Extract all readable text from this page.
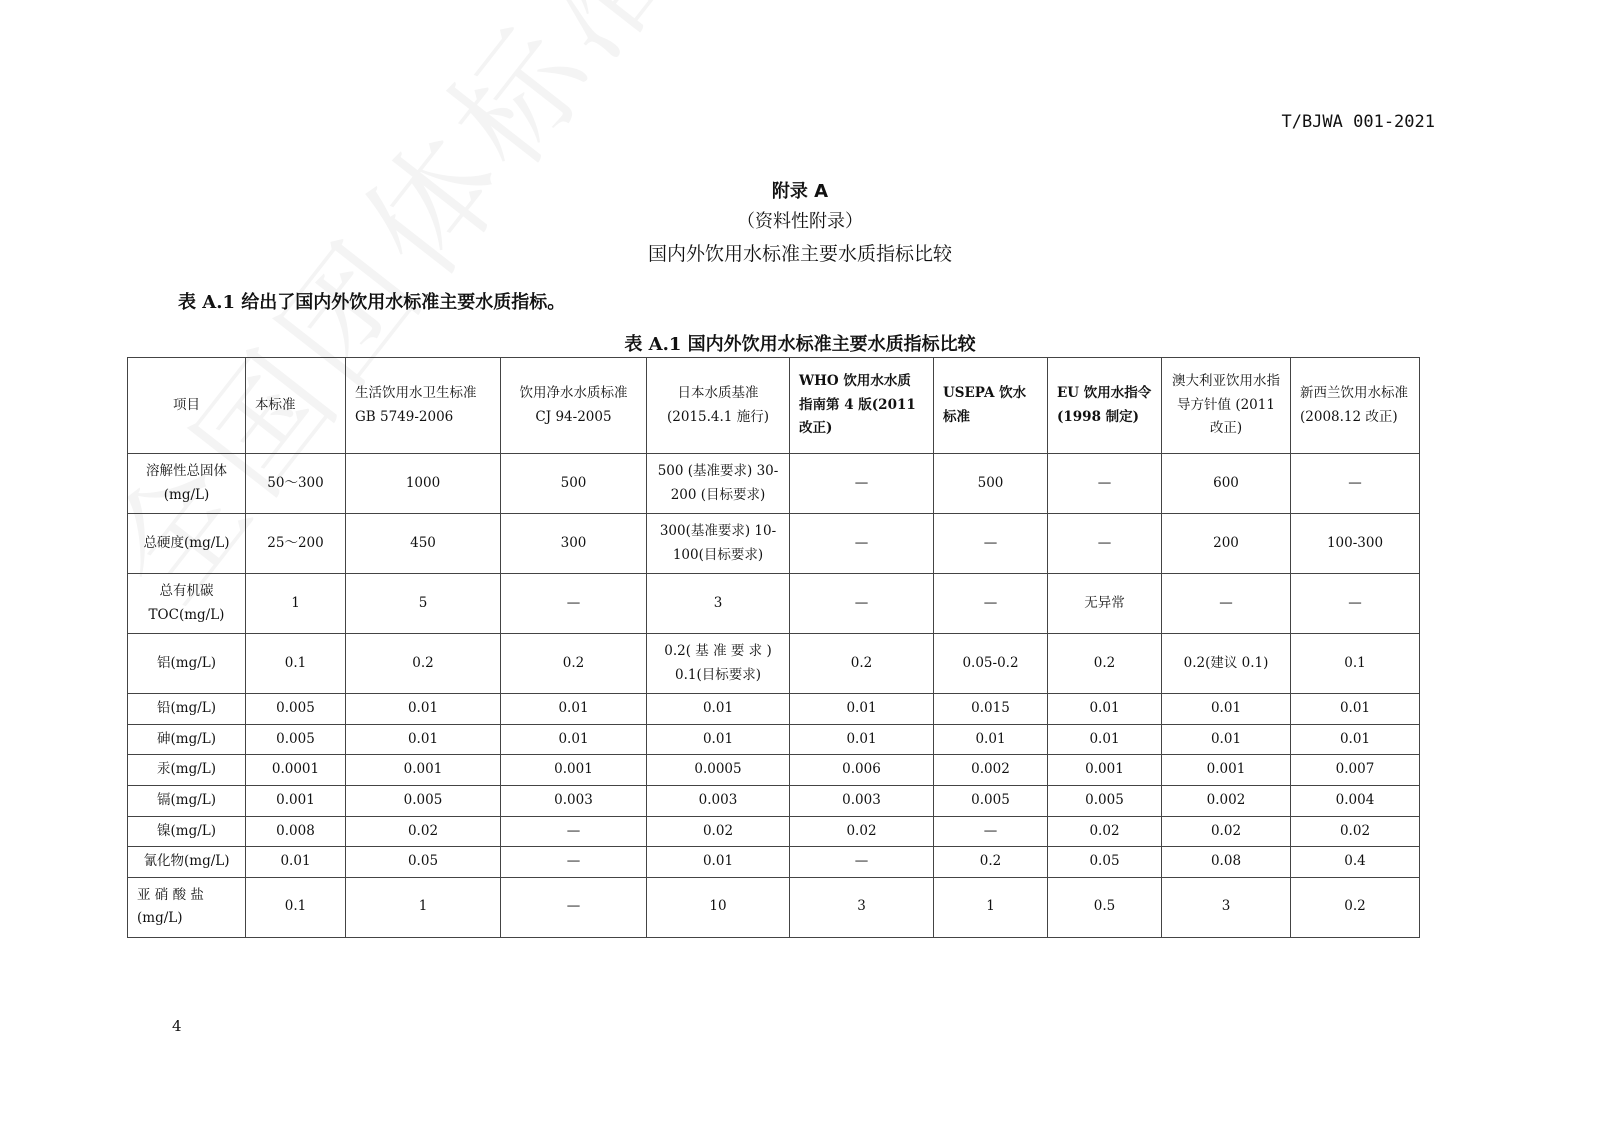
T/BJWA 001-2021
附录 A
（资料性附录）
国内外饮用水标准主要水质指标比较
表 A.1 给出了国内外饮用水标准主要水质指标。
表 A.1 国内外饮用水标准主要水质指标比较
项目	本标准	生活饮用水卫生标准 GB 5749-2006	饮用净水水质标准 CJ 94-2005	日本水质基准 (2015.4.1 施行)	WHO 饮用水水质指南第 4 版(2011 改正)	USEPA 饮水标准	EU 饮用水指令(1998 制定)	澳大利亚饮用水指导方针值 (2011 改正)	新西兰饮用水标准 (2008.12 改正)
溶解性总固体(mg/L)	50～300	1000	500	500 (基准要求) 30-200 (目标要求)	—	500	—	600	—
总硬度(mg/L)	25～200	450	300	300(基准要求) 10-100(目标要求)	—	—	—	200	100-300
总有机碳 TOC(mg/L)	1	5	—	3	—	—	无异常	—	—
铝(mg/L)	0.1	0.2	0.2	0.2( 基 准 要 求 ) 0.1(目标要求)	0.2	0.05-0.2	0.2	0.2(建议 0.1)	0.1
铅(mg/L)	0.005	0.01	0.01	0.01	0.01	0.015	0.01	0.01	0.01
砷(mg/L)	0.005	0.01	0.01	0.01	0.01	0.01	0.01	0.01	0.01
汞(mg/L)	0.0001	0.001	0.001	0.0005	0.006	0.002	0.001	0.001	0.007
镉(mg/L)	0.001	0.005	0.003	0.003	0.003	0.005	0.005	0.002	0.004
镍(mg/L)	0.008	0.02	—	0.02	0.02	—	0.02	0.02	0.02
氰化物(mg/L)	0.01	0.05	—	0.01	—	0.2	0.05	0.08	0.4
亚 硝 酸 盐 (mg/L)	0.1	1	—	10	3	1	0.5	3	0.2
4
